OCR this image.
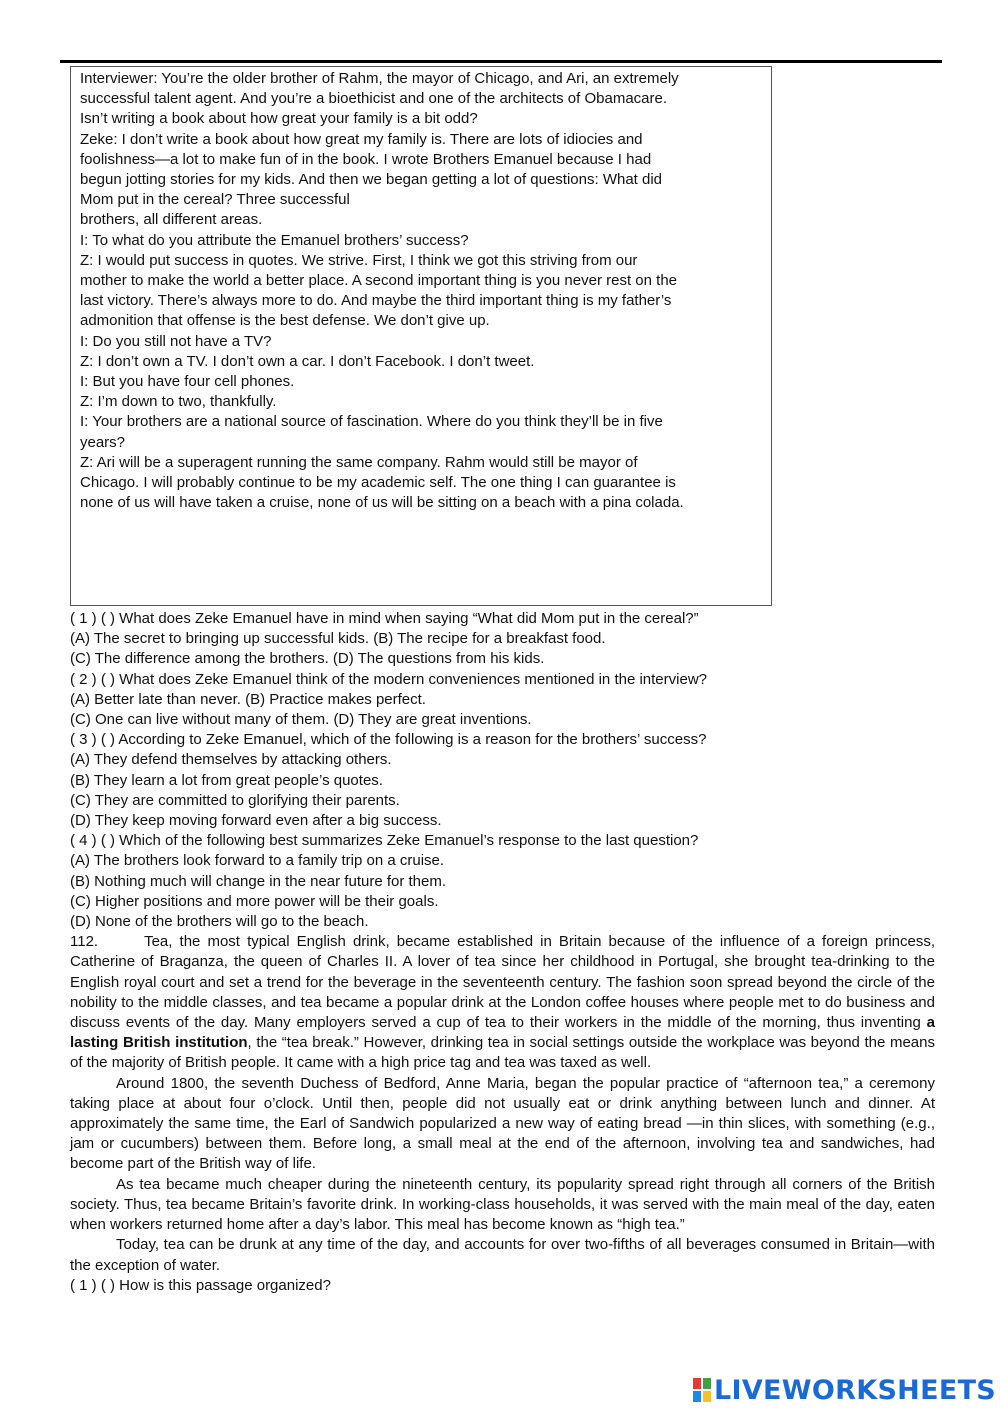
Interviewer: You’re the older brother of Rahm, the mayor of Chicago, and Ari, an extremely
successful talent agent. And you’re a bioethicist and one of the architects of Obamacare.
Isn’t writing a book about how great your family is a bit odd?
Zeke: I don’t write a book about how great my family is. There are lots of idiocies and
foolishness—a lot to make fun of in the book. I wrote Brothers Emanuel because I had
begun jotting stories for my kids. And then we began getting a lot of questions: What did
Mom put in the cereal? Three successful
brothers, all different areas.
I: To what do you attribute the Emanuel brothers’ success?
Z: I would put success in quotes. We strive. First, I think we got this striving from our
mother to make the world a better place. A second important thing is you never rest on the
last victory. There’s always more to do. And maybe the third important thing is my father’s
admonition that offense is the best defense. We don’t give up.
I: Do you still not have a TV?
Z: I don’t own a TV. I don’t own a car. I don’t Facebook. I don’t tweet.
I: But you have four cell phones.
Z: I’m down to two, thankfully.
I: Your brothers are a national source of fascination. Where do you think they’ll be in five
years?
Z: Ari will be a superagent running the same company. Rahm would still be mayor of
Chicago. I will probably continue to be my academic self. The one thing I can guarantee is
none of us will have taken a cruise, none of us will be sitting on a beach with a pina colada.
( 1 ) ( ) What does Zeke Emanuel have in mind when saying “What did Mom put in the cereal?”
(A) The secret to bringing up successful kids. (B) The recipe for a breakfast food.
(C) The difference among the brothers. (D) The questions from his kids.
( 2 ) ( ) What does Zeke Emanuel think of the modern conveniences mentioned in the interview?
(A) Better late than never. (B) Practice makes perfect.
(C) One can live without many of them. (D) They are great inventions.
( 3 ) ( ) According to Zeke Emanuel, which of the following is a reason for the brothers’ success?
(A) They defend themselves by attacking others.
(B) They learn a lot from great people’s quotes.
(C) They are committed to glorifying their parents.
(D) They keep moving forward even after a big success.
( 4 ) ( ) Which of the following best summarizes Zeke Emanuel’s response to the last question?
(A) The brothers look forward to a family trip on a cruise.
(B) Nothing much will change in the near future for them.
(C) Higher positions and more power will be their goals.
(D) None of the brothers will go to the beach.
112.	Tea, the most typical English drink, became established in Britain because of the influence of a foreign princess, Catherine of Braganza, the queen of Charles II. A lover of tea since her childhood in Portugal, she brought tea-drinking to the English royal court and set a trend for the beverage in the seventeenth century. The fashion soon spread beyond the circle of the nobility to the middle classes, and tea became a popular drink at the London coffee houses where people met to do business and discuss events of the day. Many employers served a cup of tea to their workers in the middle of the morning, thus inventing a lasting British institution, the “tea break.” However, drinking tea in social settings outside the workplace was beyond the means of the majority of British people. It came with a high price tag and tea was taxed as well.
Around 1800, the seventh Duchess of Bedford, Anne Maria, began the popular practice of “afternoon tea,” a ceremony taking place at about four o’clock. Until then, people did not usually eat or drink anything between lunch and dinner. At approximately the same time, the Earl of Sandwich popularized a new way of eating bread —in thin slices, with something (e.g., jam or cucumbers) between them. Before long, a small meal at the end of the afternoon, involving tea and sandwiches, had become part of the British way of life.
As tea became much cheaper during the nineteenth century, its popularity spread right through all corners of the British society. Thus, tea became Britain’s favorite drink. In working-class households, it was served with the main meal of the day, eaten when workers returned home after a day’s labor. This meal has become known as “high tea.”
Today, tea can be drunk at any time of the day, and accounts for over two-fifths of all beverages consumed in Britain—with the exception of water.
( 1 ) ( ) How is this passage organized?
LIVEWORKSHEETS
